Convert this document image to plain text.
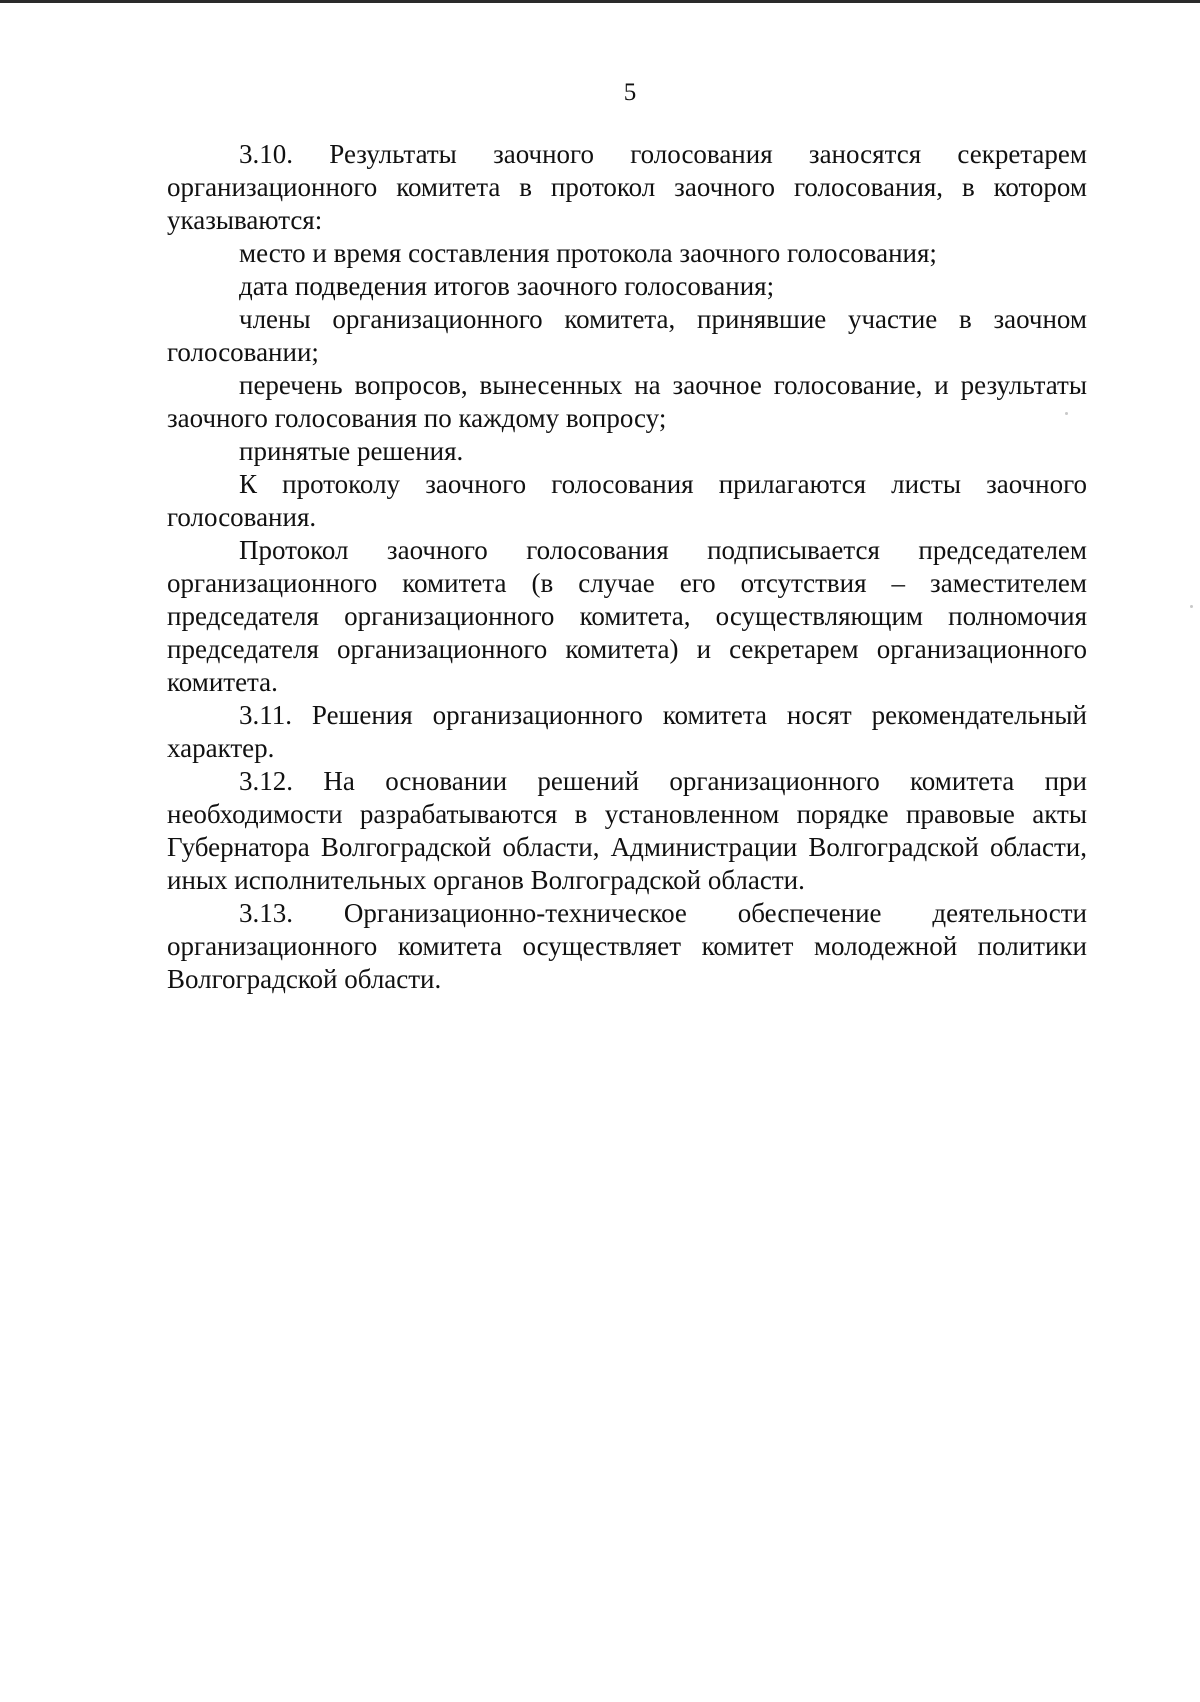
5

3.10. Результаты заочного голосования заносятся секретарем организационного комитета в протокол заочного голосования, в котором указываются:

место и время составления протокола заочного голосования;

дата подведения итогов заочного голосования;

члены организационного комитета, принявшие участие в заочном голосовании;

перечень вопросов, вынесенных на заочное голосование, и результаты заочного голосования по каждому вопросу;

принятые решения.

К протоколу заочного голосования прилагаются листы заочного голосования.

Протокол заочного голосования подписывается председателем организационного комитета (в случае его отсутствия – заместителем председателя организационного комитета, осуществляющим полномочия председателя организационного комитета) и секретарем организационного комитета.

3.11. Решения организационного комитета носят рекомендательный характер.

3.12. На основании решений организационного комитета при необходимости разрабатываются в установленном порядке правовые акты Губернатора Волгоградской области, Администрации Волгоградской области, иных исполнительных органов Волгоградской области.

3.13. Организационно-техническое обеспечение деятельности организационного комитета осуществляет комитет молодежной политики Волгоградской области.
